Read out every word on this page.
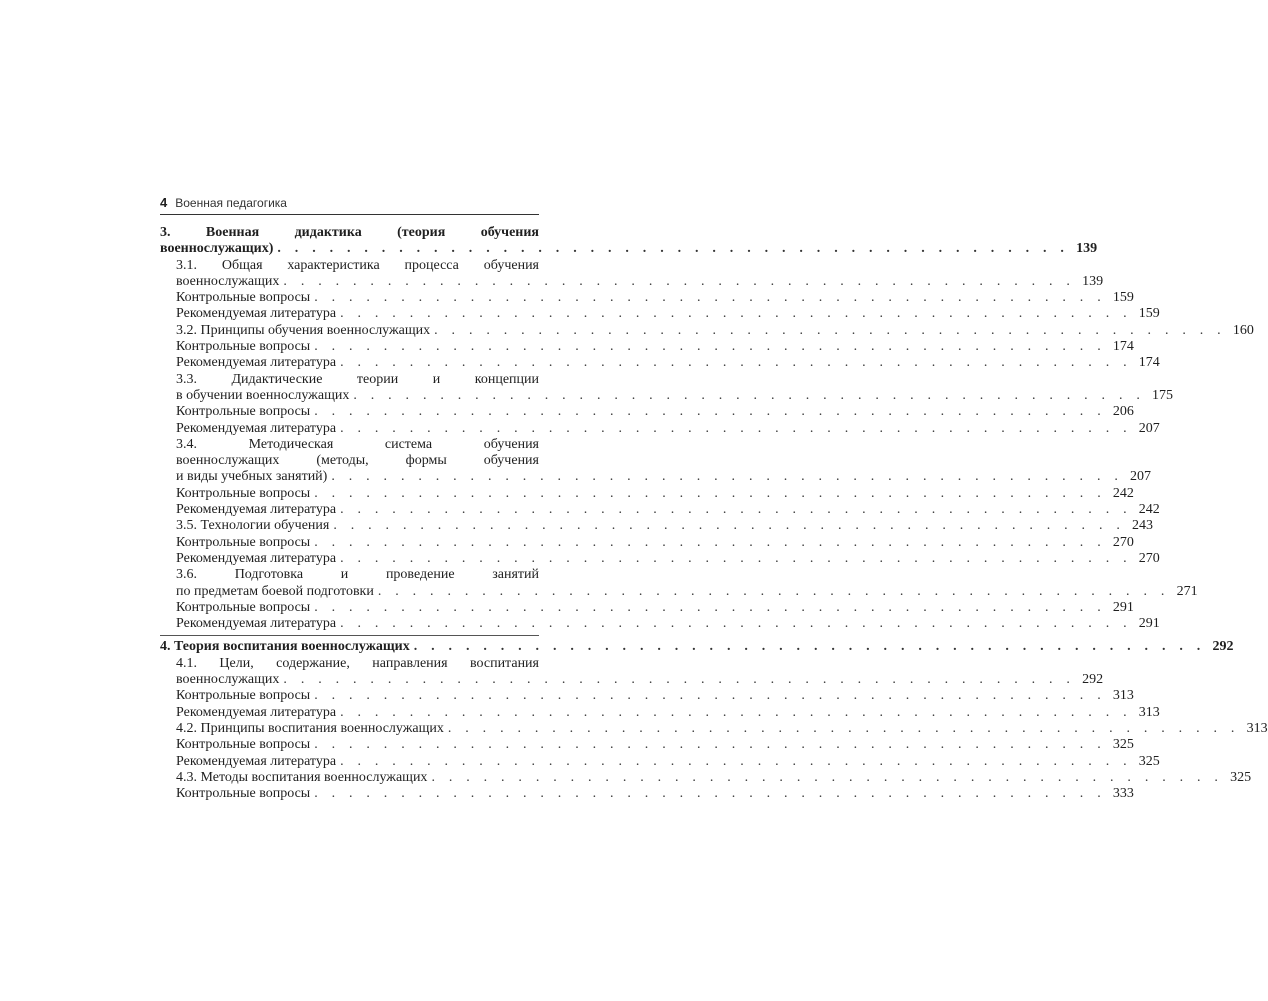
4 Военная педагогика
3. Военная дидактика (теория обучения
военнослужащих) . . . . . . . . . . . . . . . . . . . . . . . . . . . . . . . . . . . . . . . . . . . . . . 139
3.1. Общая характеристика процесса обучения
военнослужащих . . . . . . . . . . . . . . . . . . . . . . . . . . . . . . . . . . . . . . . . . . . . . . 139
Контрольные вопросы . . . . . . . . . . . . . . . . . . . . . . . . . . . . . . . . . . . . . . . . . . . . . . 159
Рекомендуемая литература . . . . . . . . . . . . . . . . . . . . . . . . . . . . . . . . . . . . . . . . . . . . . . 159
3.2. Принципы обучения военнослужащих . . . . . . . . . . . . . . . . . . . . . . . . . . . . . . . . . . . . . . . . . . . . . . 160
Контрольные вопросы . . . . . . . . . . . . . . . . . . . . . . . . . . . . . . . . . . . . . . . . . . . . . . 174
Рекомендуемая литература . . . . . . . . . . . . . . . . . . . . . . . . . . . . . . . . . . . . . . . . . . . . . . 174
3.3. Дидактические теории и концепции
в обучении военнослужащих . . . . . . . . . . . . . . . . . . . . . . . . . . . . . . . . . . . . . . . . . . . . . . 175
Контрольные вопросы . . . . . . . . . . . . . . . . . . . . . . . . . . . . . . . . . . . . . . . . . . . . . . 206
Рекомендуемая литература . . . . . . . . . . . . . . . . . . . . . . . . . . . . . . . . . . . . . . . . . . . . . . 207
3.4. Методическая система обучения
военнослужащих (методы, формы обучения
и виды учебных занятий) . . . . . . . . . . . . . . . . . . . . . . . . . . . . . . . . . . . . . . . . . . . . . . 207
Контрольные вопросы . . . . . . . . . . . . . . . . . . . . . . . . . . . . . . . . . . . . . . . . . . . . . . 242
Рекомендуемая литература . . . . . . . . . . . . . . . . . . . . . . . . . . . . . . . . . . . . . . . . . . . . . . 242
3.5. Технологии обучения . . . . . . . . . . . . . . . . . . . . . . . . . . . . . . . . . . . . . . . . . . . . . . 243
Контрольные вопросы . . . . . . . . . . . . . . . . . . . . . . . . . . . . . . . . . . . . . . . . . . . . . . 270
Рекомендуемая литература . . . . . . . . . . . . . . . . . . . . . . . . . . . . . . . . . . . . . . . . . . . . . . 270
3.6. Подготовка и проведение занятий
по предметам боевой подготовки . . . . . . . . . . . . . . . . . . . . . . . . . . . . . . . . . . . . . . . . . . . . . . 271
Контрольные вопросы . . . . . . . . . . . . . . . . . . . . . . . . . . . . . . . . . . . . . . . . . . . . . . 291
Рекомендуемая литература . . . . . . . . . . . . . . . . . . . . . . . . . . . . . . . . . . . . . . . . . . . . . . 291
4. Теория воспитания военнослужащих . . . . . . . . . . . . . . . . . . . . . . . . . . . . . . . . . . . . . . . . . . . . . . 292
4.1. Цели, содержание, направления воспитания
военнослужащих . . . . . . . . . . . . . . . . . . . . . . . . . . . . . . . . . . . . . . . . . . . . . . 292
Контрольные вопросы . . . . . . . . . . . . . . . . . . . . . . . . . . . . . . . . . . . . . . . . . . . . . . 313
Рекомендуемая литература . . . . . . . . . . . . . . . . . . . . . . . . . . . . . . . . . . . . . . . . . . . . . . 313
4.2. Принципы воспитания военнослужащих . . . . . . . . . . . . . . . . . . . . . . . . . . . . . . . . . . . . . . . . . . . . . . 313
Контрольные вопросы . . . . . . . . . . . . . . . . . . . . . . . . . . . . . . . . . . . . . . . . . . . . . . 325
Рекомендуемая литература . . . . . . . . . . . . . . . . . . . . . . . . . . . . . . . . . . . . . . . . . . . . . . 325
4.3. Методы воспитания военнослужащих . . . . . . . . . . . . . . . . . . . . . . . . . . . . . . . . . . . . . . . . . . . . . . 325
Контрольные вопросы . . . . . . . . . . . . . . . . . . . . . . . . . . . . . . . . . . . . . . . . . . . . . . 333
